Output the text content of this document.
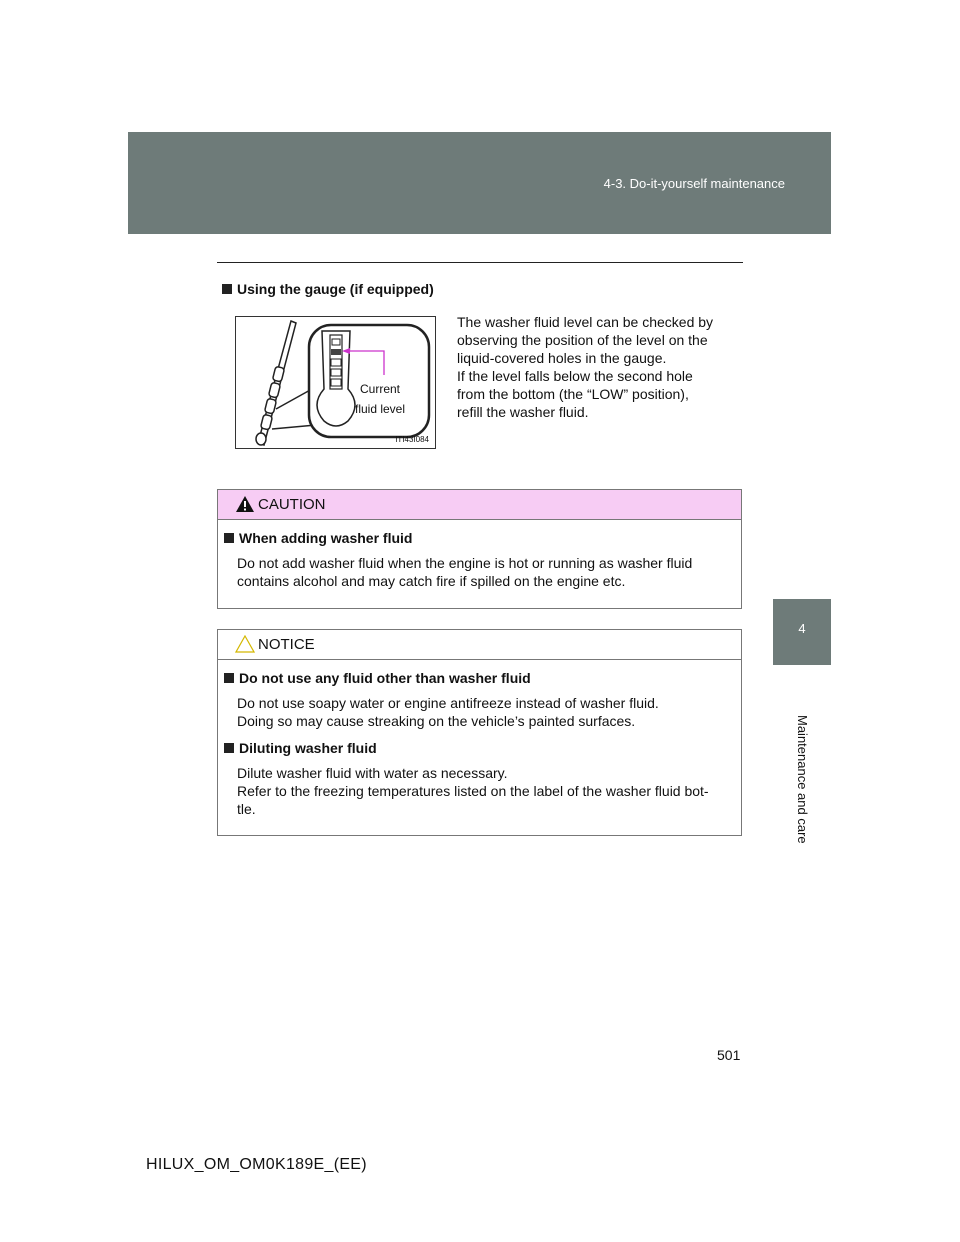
4-3. Do-it-yourself maintenance
4
Maintenance and care
Using the gauge (if equipped)
Current
fluid level
ITI43I084
The washer fluid level can be checked by
observing the position of the level on the
liquid-covered holes in the gauge.
If the level falls below the second hole
from the bottom (the “LOW” position),
refill the washer fluid.
CAUTION
When adding washer fluid
Do not add washer fluid when the engine is hot or running as washer fluid
contains alcohol and may catch fire if spilled on the engine etc.
NOTICE
Do not use any fluid other than washer fluid
Do not use soapy water or engine antifreeze instead of washer fluid.
Doing so may cause streaking on the vehicle’s painted surfaces.
Diluting washer fluid
Dilute washer fluid with water as necessary.
Refer to the freezing temperatures listed on the label of the washer fluid bot-
tle.
501
HILUX_OM_OM0K189E_(EE)
